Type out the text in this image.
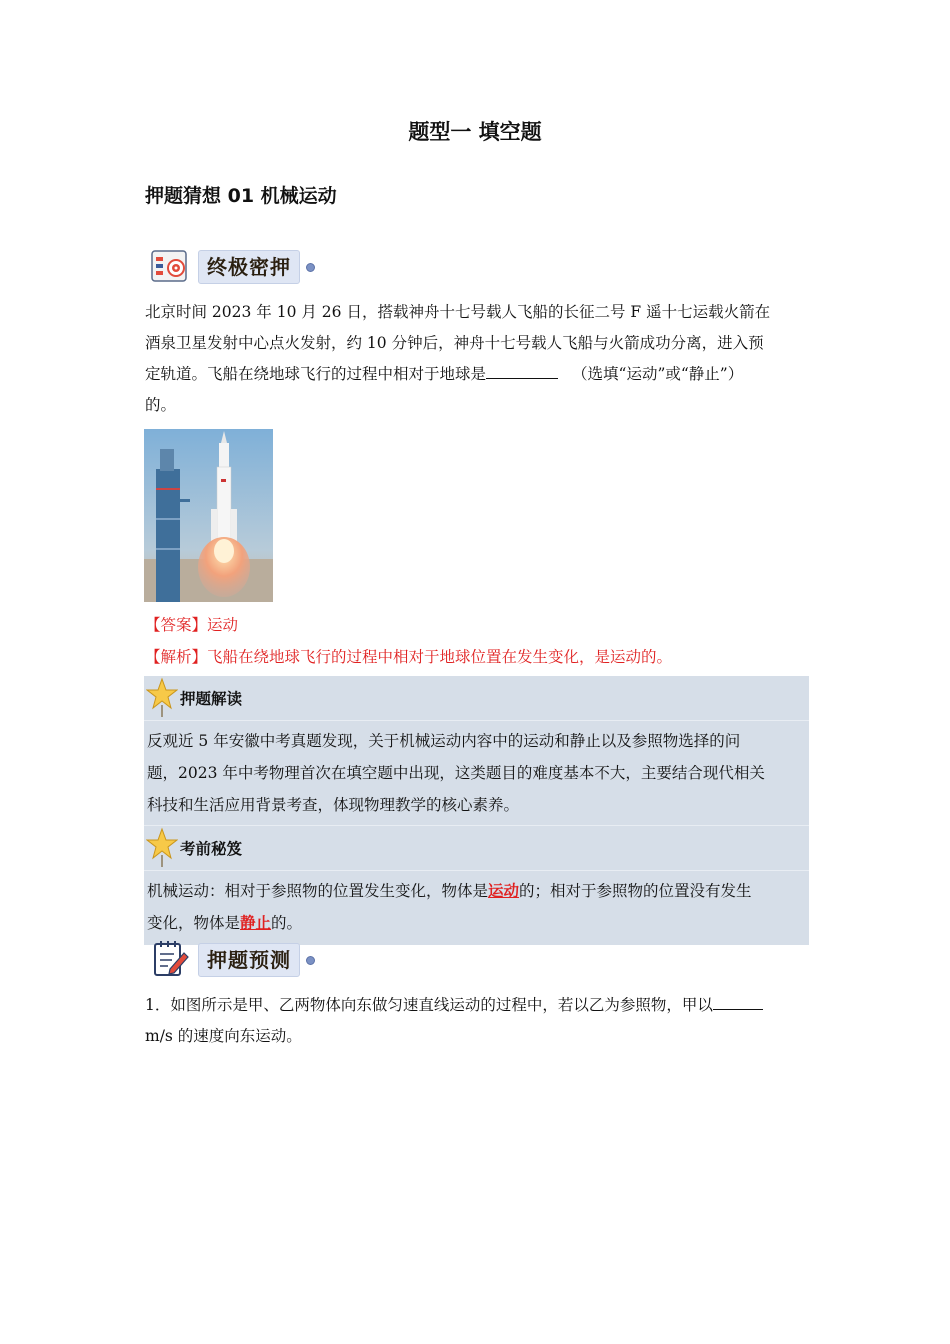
题型一 填空题
押题猜想 01 机械运动
终极密押
北京时间 2023 年 10 月 26 日，搭载神舟十七号载人飞船的长征二号 F 遥十七运载火箭在
酒泉卫星发射中心点火发射，约 10 分钟后，神舟十七号载人飞船与火箭成功分离，进入预
定轨道。飞船在绕地球飞行的过程中相对于地球是	（选填“运动”或“静止”）
的。
【答案】运动
【解析】飞船在绕地球飞行的过程中相对于地球位置在发生变化，是运动的。
押题解读
反观近 5 年安徽中考真题发现，关于机械运动内容中的运动和静止以及参照物选择的问
题，2023 年中考物理首次在填空题中出现，这类题目的难度基本不大，主要结合现代相关
科技和生活应用背景考查，体现物理教学的核心素养。
考前秘笈
机械运动：相对于参照物的位置发生变化，物体是运动的；相对于参照物的位置没有发生
变化，物体是静止的。
押题预测
1．如图所示是甲、乙两物体向东做匀速直线运动的过程中，若以乙为参照物，甲以
m/s 的速度向东运动。
